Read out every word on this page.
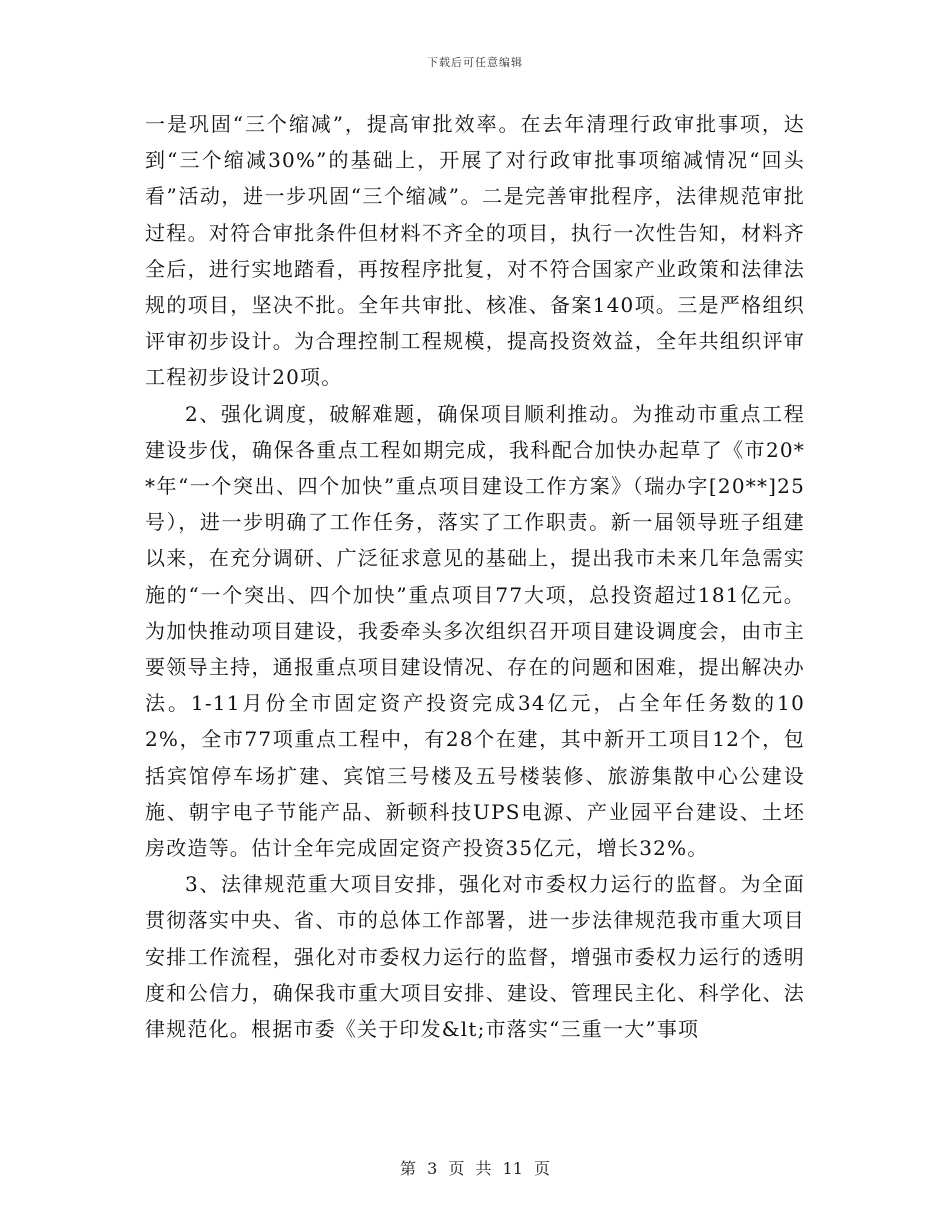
下载后可任意编辑

一是巩固“三个缩减”，提高审批效率。在去年清理行政审批事项，达到“三个缩减30%”的基础上，开展了对行政审批事项缩减情况“回头看”活动，进一步巩固“三个缩减”。二是完善审批程序，法律规范审批过程。对符合审批条件但材料不齐全的项目，执行一次性告知，材料齐全后，进行实地踏看，再按程序批复，对不符合国家产业政策和法律法规的项目，坚决不批。全年共审批、核准、备案140项。三是严格组织评审初步设计。为合理控制工程规模，提高投资效益，全年共组织评审工程初步设计20项。

2、强化调度，破解难题，确保项目顺利推动。为推动市重点工程建设步伐，确保各重点工程如期完成，我科配合加快办起草了《市20**年“一个突出、四个加快”重点项目建设工作方案》（瑞办字[20**]25号），进一步明确了工作任务，落实了工作职责。新一届领导班子组建以来，在充分调研、广泛征求意见的基础上，提出我市未来几年急需实施的“一个突出、四个加快”重点项目77大项，总投资超过181亿元。为加快推动项目建设，我委牵头多次组织召开项目建设调度会，由市主要领导主持，通报重点项目建设情况、存在的问题和困难，提出解决办法。1-11月份全市固定资产投资完成34亿元，占全年任务数的102%，全市77项重点工程中，有28个在建，其中新开工项目12个，包括宾馆停车场扩建、宾馆三号楼及五号楼装修、旅游集散中心公建设施、朝宇电子节能产品、新顿科技UPS电源、产业园平台建设、土坯房改造等。估计全年完成固定资产投资35亿元，增长32%。

3、法律规范重大项目安排，强化对市委权力运行的监督。为全面贯彻落实中央、省、市的总体工作部署，进一步法律规范我市重大项目安排工作流程，强化对市委权力运行的监督，增强市委权力运行的透明度和公信力，确保我市重大项目安排、建设、管理民主化、科学化、法律规范化。根据市委《关于印发&lt;市落实“三重一大”事项

第 3 页 共 11 页
